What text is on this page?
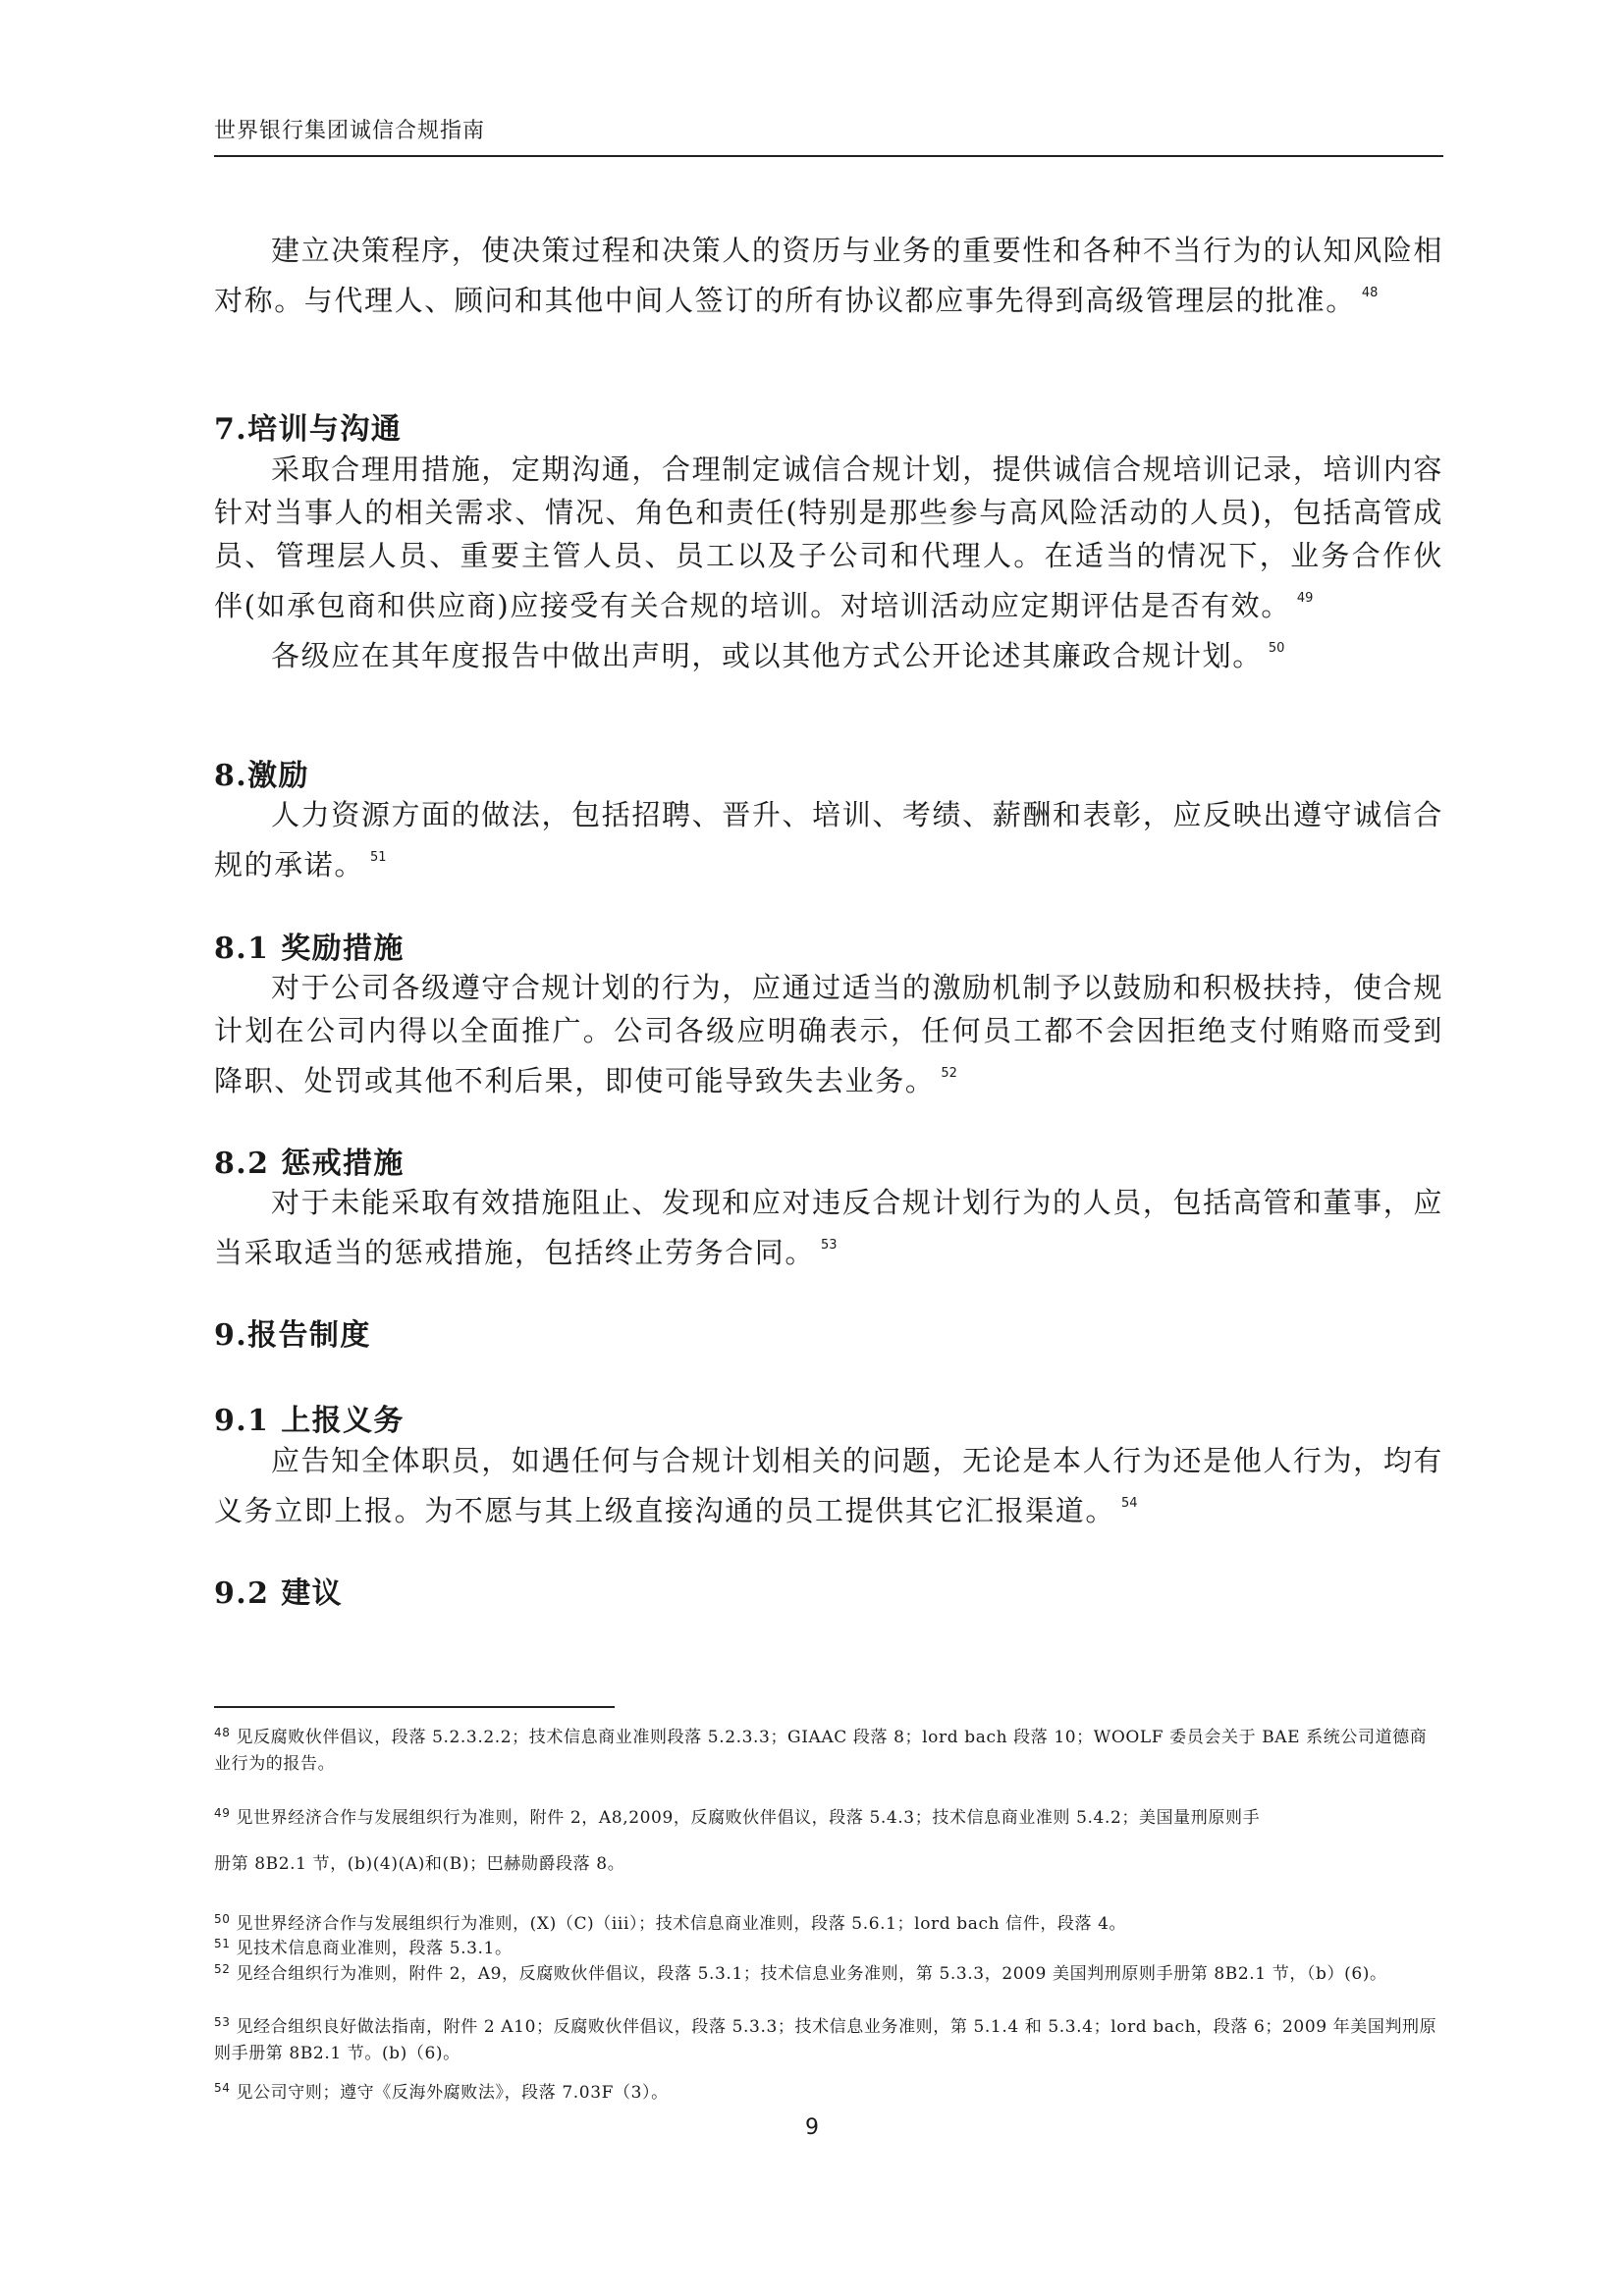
世界银行集团诚信合规指南

建立决策程序，使决策过程和决策人的资历与业务的重要性和各种不当行为的认知风险相对称。与代理人、顾问和其他中间人签订的所有协议都应事先得到高级管理层的批准。 $^{48}$

7.培训与沟通

采取合理用措施，定期沟通，合理制定诚信合规计划，提供诚信合规培训记录，培训内容针对当事人的相关需求、情况、角色和责任(特别是那些参与高风险活动的人员)，包括高管成员、管理层人员、重要主管人员、员工以及子公司和代理人。在适当的情况下，业务合作伙伴(如承包商和供应商)应接受有关合规的培训。对培训活动应定期评估是否有效。 $^{49}$

各级应在其年度报告中做出声明，或以其他方式公开论述其廉政合规计划。 $^{50}$

8.激励

人力资源方面的做法，包括招聘、晋升、培训、考绩、薪酬和表彰，应反映出遵守诚信合规的承诺。 $^{51}$

8.1 奖励措施

对于公司各级遵守合规计划的行为，应通过适当的激励机制予以鼓励和积极扶持，使合规计划在公司内得以全面推广。公司各级应明确表示，任何员工都不会因拒绝支付贿赂而受到降职、处罚或其他不利后果，即使可能导致失去业务。 $^{52}$

8.2 惩戒措施

对于未能采取有效措施阻止、发现和应对违反合规计划行为的人员，包括高管和董事，应当采取适当的惩戒措施，包括终止劳务合同。 $^{53}$

9.报告制度
9.1 上报义务

应告知全体职员，如遇任何与合规计划相关的问题，无论是本人行为还是他人行为，均有义务立即上报。为不愿与其上级直接沟通的员工提供其它汇报渠道。 $^{54}$

9.2 建议
$^{48}$ 见反腐败伙伴倡议，段落 5.2.3.2.2；技术信息商业准则段落 5.2.3.3；GIAAC 段落 8；lord bach 段落 10；WOOLF 委员会关于 BAE 系统公司道德商业行为的报告。
$^{49}$ 见世界经济合作与发展组织行为准则，附件 2，A8,2009，反腐败伙伴倡议，段落 5.4.3；技术信息商业准则 5.4.2；美国量刑原则手
册第 8B2.1 节，(b)(4)(A)和(B)；巴赫勋爵段落 8。
$^{50}$ 见世界经济合作与发展组织行为准则，(X)（C)（iii）；技术信息商业准则，段落 5.6.1；lord bach 信件，段落 4。
$^{51}$ 见技术信息商业准则，段落 5.3.1。
$^{52}$ 见经合组织行为准则，附件 2，A9，反腐败伙伴倡议，段落 5.3.1；技术信息业务准则，第 5.3.3，2009 美国判刑原则手册第 8B2.1 节，（b）(6)。
$^{53}$ 见经合组织良好做法指南，附件 2 A10；反腐败伙伴倡议，段落 5.3.3；技术信息业务准则，第 5.1.4 和 5.3.4；lord bach，段落 6；2009 年美国判刑原则手册第 8B2.1 节。(b)（6)。
$^{54}$ 见公司守则；遵守《反海外腐败法》，段落 7.03F（3）。
9
